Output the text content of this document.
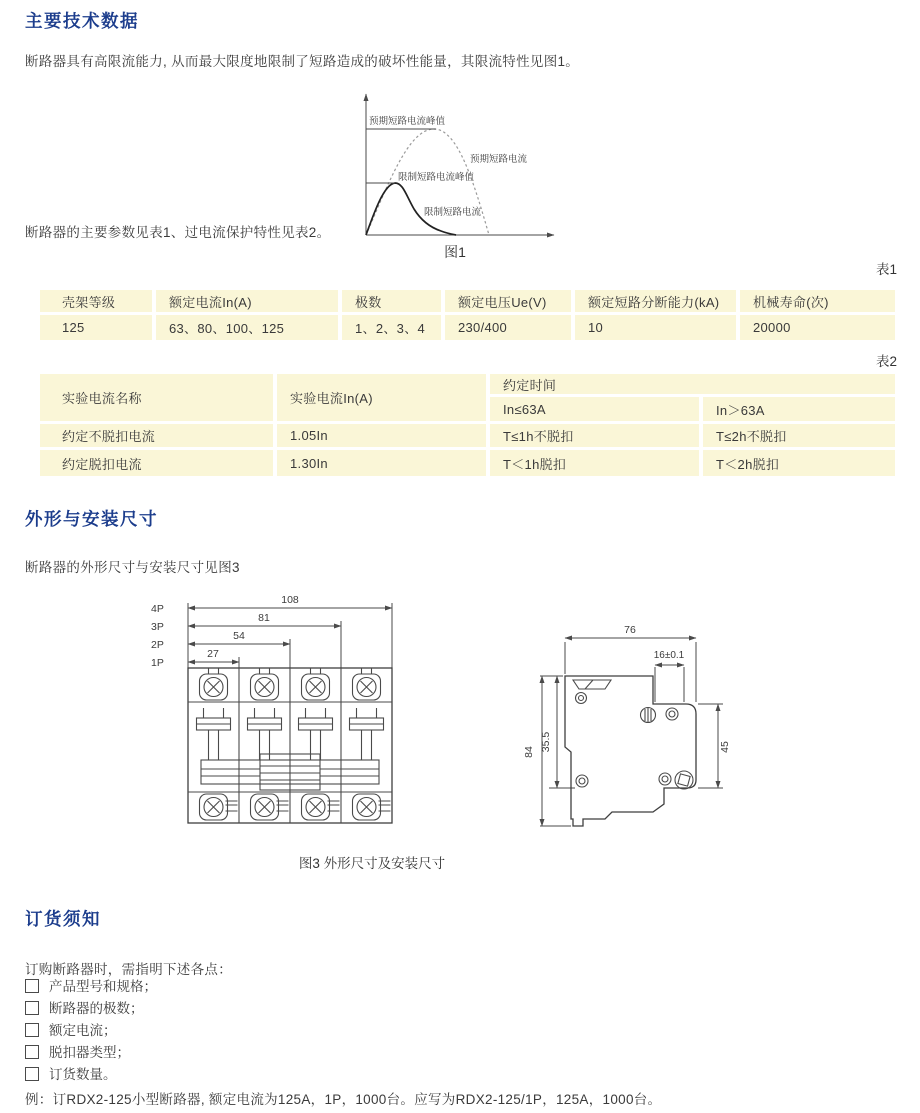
主要技术数据

断路器具有高限流能力, 从而最大限度地限制了短路造成的破坏性能量，其限流特性见图1。

断路器的主要参数见表1、过电流保护特性见表2。

预期短路电流峰值
预期短路电流
限制短路电流峰值
限制短路电流
图1
表1
壳架等级	额定电流In(A)	极数	额定电压Ue(V)	额定短路分断能力(kA)	机械寿命(次)
125	63、80、100、125	1、2、3、4	230/400	10	20000
表2
实验电流名称	实验电流In(A)	约定时间	
		In≤63A	In＞63A
约定不脱扣电流	1.05In	T≤1h不脱扣	T≤2h不脱扣
约定脱扣电流	1.30In	T＜1h脱扣	T＜2h脱扣
外形与安装尺寸

断路器的外形尺寸与安装尺寸见图3

108
81
54
27
4P
3P
2P
1P
76
16±0.1
84 35.5	45
图3 外形尺寸及安装尺寸
订货须知

订购断路器时，需指明下述各点：

产品型号和规格；
断路器的极数；
额定电流；
脱扣器类型；
订货数量。

例：订RDX2-125小型断路器, 额定电流为125A，1P，1000台。应写为RDX2-125/1P，125A，1000台。
